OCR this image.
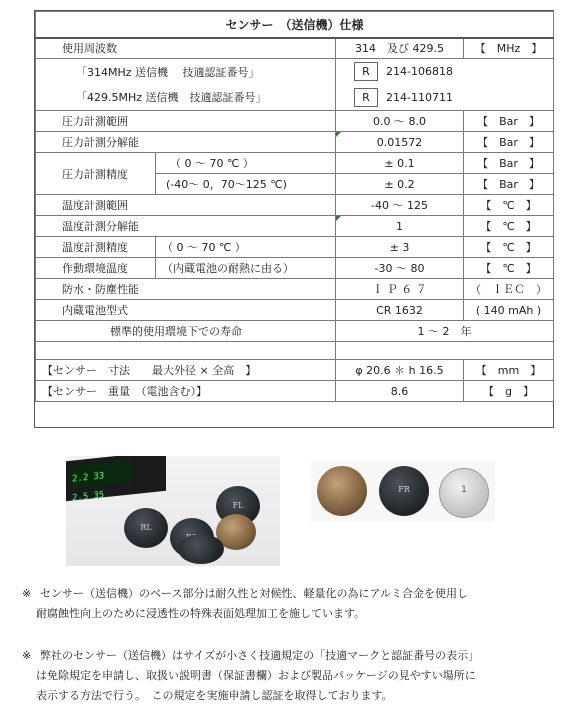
センサー　（送信機）仕様			
使用周波数		314　及び 429.5	【　MHz　】
「314MHz 送信機　 技適認証番号」		R 214-106818	
「429.5MHz 送信機　技適認証番号」		R 214-110711	
圧力計測範囲		0.0 ～ 8.0	【　Bar　】
圧力計測分解能		0.01572	【　Bar　】
圧力計測精度	（ 0 ～ 70 ℃ ）	± 0.1	【　Bar　】
	(-40～ 0，70～125 ℃)	± 0.2	【　Bar　】
温度計測範囲		-40 ～ 125	【　℃　】
温度計測分解能		1	【　℃　】
温度計測精度	（ 0 ～ 70 ℃ ）	± 3	【　℃　】
作動環境温度	（内蔵電池の耐熱に由る）	-30 ～ 80	【　℃　】
防水・防塵性能		Ｉ Ｐ ６ ７	（　ＩＥＣ　）
内蔵電池型式		CR 1632	( 140 mAh )
標準的使用環境下での寿命		1 ～ 2　年	

【センサー　寸法　　最大外径 × 全高　】		φ 20.6 ＊ h 16.5	【　mm　】
【センサー　重量　（電池含む）】		8.6	【　g　】
2.2 33
2.5 35
RL
FL
FR	1

※ センサー（送信機）のベース部分は耐久性と対候性、軽量化の為にアルミ合金を使用し
耐腐蝕性向上のために浸透性の特殊表面処理加工を施しています。

※ 弊社のセンサー（送信機）はサイズが小さく技適規定の「技適マークと認証番号の表示」
は免除規定を申請し、取扱い説明書（保証書欄）および製品パッケージの見やすい場所に
表示する方法で行う。　この規定を実施申請し認証を取得しております。
